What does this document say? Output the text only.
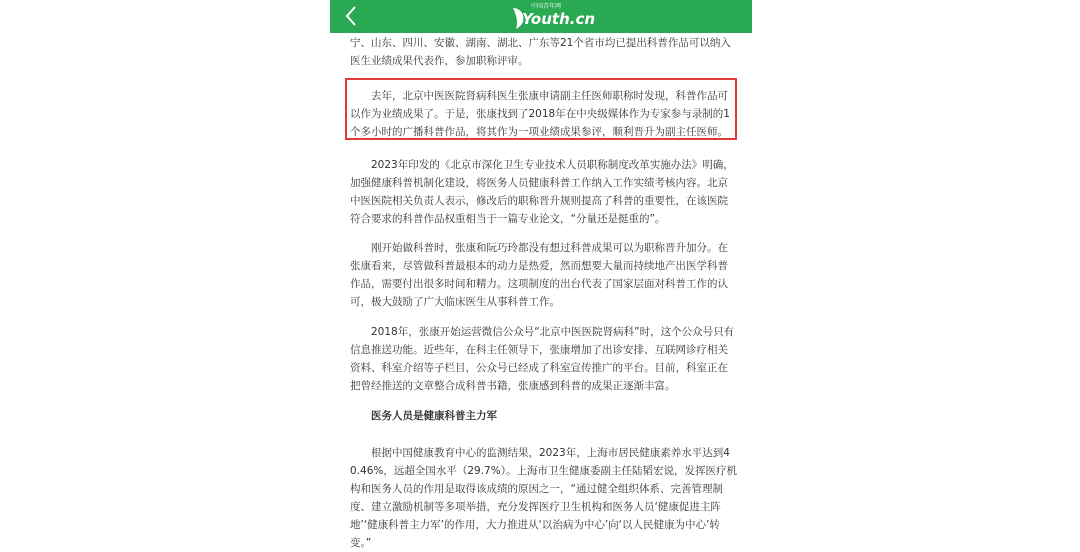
中国青年网
Youth.cn

宁、山东、四川、安徽、湖南、湖北、广东等21个省市均已提出科普作品可以纳入医生业绩成果代表作，参加职称评审。

去年，北京中医医院肾病科医生张康申请副主任医师职称时发现，科普作品可以作为业绩成果了。于是，张康找到了2018年在中央级媒体作为专家参与录制的1个多小时的广播科普作品，将其作为一项业绩成果参评，顺利晋升为副主任医师。

2023年印发的《北京市深化卫生专业技术人员职称制度改革实施办法》明确，加强健康科普机制化建设，将医务人员健康科普工作纳入工作实绩考核内容。北京中医医院相关负责人表示，修改后的职称晋升规则提高了科普的重要性，在该医院符合要求的科普作品权重相当于一篇专业论文，“分量还是挺重的”。

刚开始做科普时，张康和阮巧玲都没有想过科普成果可以为职称晋升加分。在张康看来，尽管做科普最根本的动力是热爱，然而想要大量而持续地产出医学科普作品，需要付出很多时间和精力。这项制度的出台代表了国家层面对科普工作的认可，极大鼓励了广大临床医生从事科普工作。

2018年，张康开始运营微信公众号“北京中医医院肾病科”时，这个公众号只有信息推送功能。近些年，在科主任领导下，张康增加了出诊安排、互联网诊疗相关资料、科室介绍等子栏目，公众号已经成了科室宣传推广的平台。目前，科室正在把曾经推送的文章整合成科普书籍，张康感到科普的成果正逐渐丰富。

医务人员是健康科普主力军

根据中国健康教育中心的监测结果，2023年，上海市居民健康素养水平达到40.46%，远超全国水平（29.7%）。上海市卫生健康委副主任陆韬宏说，发挥医疗机构和医务人员的作用是取得该成绩的原因之一，“通过健全组织体系、完善管理制度、建立激励机制等多项举措，充分发挥医疗卫生机构和医务人员‘健康促进主阵地’‘健康科普主力军’的作用，大力推进从‘以治病为中心’向‘以人民健康为中心’转变。”
